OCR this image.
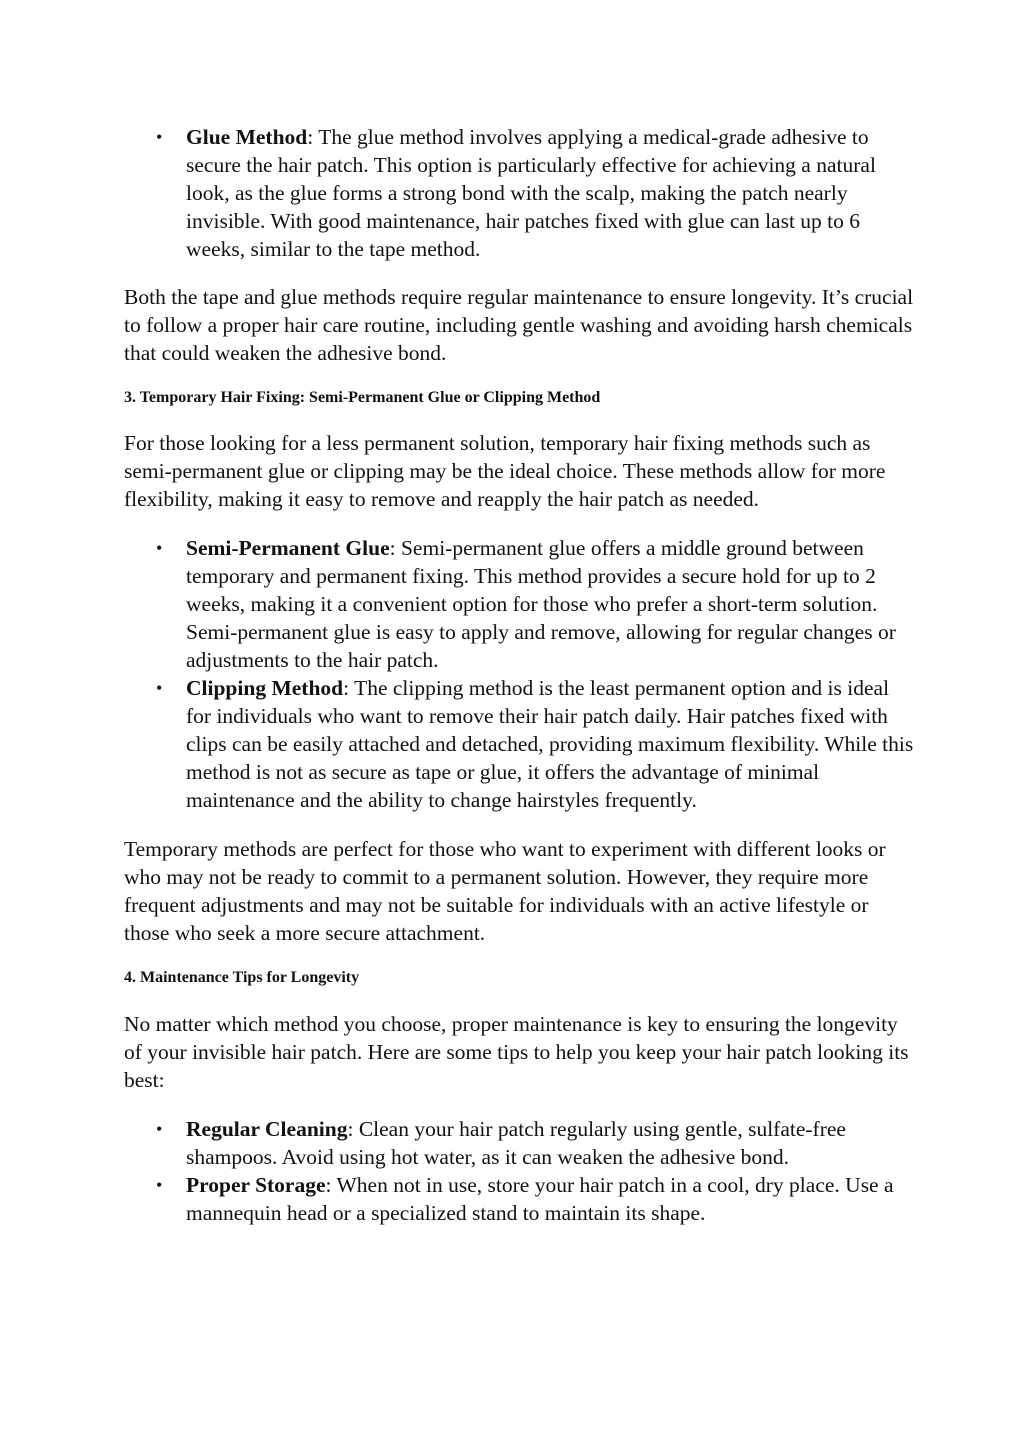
• Glue Method: The glue method involves applying a medical-grade adhesive to secure the hair patch. This option is particularly effective for achieving a natural look, as the glue forms a strong bond with the scalp, making the patch nearly invisible. With good maintenance, hair patches fixed with glue can last up to 6 weeks, similar to the tape method.

Both the tape and glue methods require regular maintenance to ensure longevity. It’s crucial to follow a proper hair care routine, including gentle washing and avoiding harsh chemicals that could weaken the adhesive bond.

3. Temporary Hair Fixing: Semi-Permanent Glue or Clipping Method

For those looking for a less permanent solution, temporary hair fixing methods such as semi-permanent glue or clipping may be the ideal choice. These methods allow for more flexibility, making it easy to remove and reapply the hair patch as needed.

• Semi-Permanent Glue: Semi-permanent glue offers a middle ground between temporary and permanent fixing. This method provides a secure hold for up to 2 weeks, making it a convenient option for those who prefer a short-term solution. Semi-permanent glue is easy to apply and remove, allowing for regular changes or adjustments to the hair patch.
• Clipping Method: The clipping method is the least permanent option and is ideal for individuals who want to remove their hair patch daily. Hair patches fixed with clips can be easily attached and detached, providing maximum flexibility. While this method is not as secure as tape or glue, it offers the advantage of minimal maintenance and the ability to change hairstyles frequently.

Temporary methods are perfect for those who want to experiment with different looks or who may not be ready to commit to a permanent solution. However, they require more frequent adjustments and may not be suitable for individuals with an active lifestyle or those who seek a more secure attachment.

4. Maintenance Tips for Longevity

No matter which method you choose, proper maintenance is key to ensuring the longevity of your invisible hair patch. Here are some tips to help you keep your hair patch looking its best:

• Regular Cleaning: Clean your hair patch regularly using gentle, sulfate-free shampoos. Avoid using hot water, as it can weaken the adhesive bond.
• Proper Storage: When not in use, store your hair patch in a cool, dry place. Use a mannequin head or a specialized stand to maintain its shape.
